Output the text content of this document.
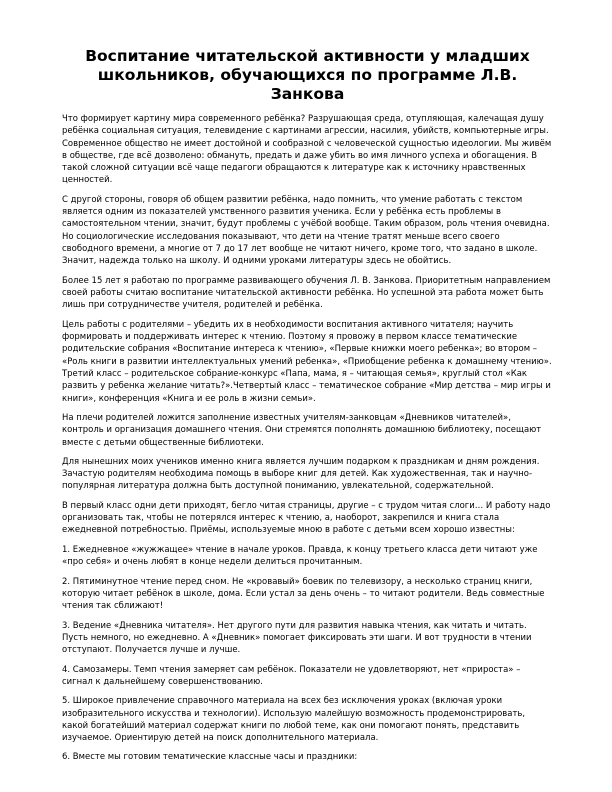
Воспитание читательской активности у младших школьников, обучающихся по программе Л.В. Занкова

Что формирует картину мира современного ребёнка? Разрушающая среда, отупляющая, калечащая душу ребёнка социальная ситуация, телевидение с картинами агрессии, насилия, убийств, компьютерные игры. Современное общество не имеет достойной и сообразной с человеческой сущностью идеологии. Мы живём в обществе, где всё дозволено: обмануть, предать и даже убить во имя личного успеха и обогащения. В такой сложной ситуации всё чаще педагоги обращаются к литературе как к источнику нравственных ценностей.

С другой стороны, говоря об общем развитии ребёнка, надо помнить, что умение работать с текстом является одним из показателей умственного развития ученика. Если у ребёнка есть проблемы в самостоятельном чтении, значит, будут проблемы с учёбой вообще. Таким образом, роль чтения очевидна. Но социологические исследования показывают, что дети на чтение тратят меньше всего своего свободного времени, а многие от 7 до 17 лет вообще не читают ничего, кроме того, что задано в школе. Значит, надежда только на школу. И одними уроками литературы здесь не обойтись.

Более 15 лет я работаю по программе развивающего обучения Л. В. Занкова. Приоритетным направлением своей работы считаю воспитание читательской активности ребёнка. Но успешной эта работа может быть лишь при сотрудничестве учителя, родителей и ребёнка.

Цель работы с родителями – убедить их в необходимости воспитания активного читателя; научить формировать и поддерживать интерес к чтению. Поэтому я провожу в первом классе тематические родительские собрания «Воспитание интереса к чтению», «Первые книжки моего ребенка»; во втором – «Роль книги в развитии интеллектуальных умений ребенка», «Приобщение ребенка к домашнему чтению». Третий класс – родительское собрание-конкурс «Папа, мама, я – читающая семья», круглый стол «Как развить у ребенка желание читать?».Четвертый класс – тематическое собрание «Мир детства – мир игры и книги», конференция «Книга и ее роль в жизни семьи».

На плечи родителей ложится заполнение известных учителям-занковцам «Дневников читателей», контроль и организация домашнего чтения. Они стремятся пополнять домашнюю библиотеку, посещают вместе с детьми общественные библиотеки.

Для нынешних моих учеников именно книга является лучшим подарком к праздникам и дням рождения. Зачастую родителям необходима помощь в выборе книг для детей. Как художественная, так и научно-популярная литература должна быть доступной пониманию, увлекательной, содержательной.

В первый класс одни дети приходят, бегло читая страницы, другие – с трудом читая слоги… И работу надо организовать так, чтобы не потерялся интерес к чтению, а, наоборот, закрепился и книга стала ежедневной потребностью. Приёмы, используемые мною в работе с детьми всем хорошо известны:

1. Ежедневное «жужжащее» чтение в начале уроков. Правда, к концу третьего класса дети читают уже «про себя» и очень любят в конце недели делиться прочитанным.

2. Пятиминутное чтение перед сном. Не «кровавый» боевик по телевизору, а несколько страниц книги, которую читает ребёнок в школе, дома. Если устал за день очень – то читают родители. Ведь совместные чтения так сближают!

3. Ведение «Дневника читателя». Нет другого пути для развития навыка чтения, как читать и читать. Пусть немного, но ежедневно. А «Дневник» помогает фиксировать эти шаги. И вот трудности в чтении отступают. Получается лучше и лучше.

4. Самозамеры. Темп чтения замеряет сам ребёнок. Показатели не удовлетворяют, нет «прироста» – сигнал к дальнейшему совершенствованию.

5. Широкое привлечение справочного материала на всех без исключения уроках (включая уроки изобразительного искусства и технологии). Использую малейшую возможность продемонстрировать, какой богатейший материал содержат книги по любой теме, как они помогают понять, представить изучаемое. Ориентирую детей на поиск дополнительного материала.

6. Вместе мы готовим тематические классные часы и праздники:
